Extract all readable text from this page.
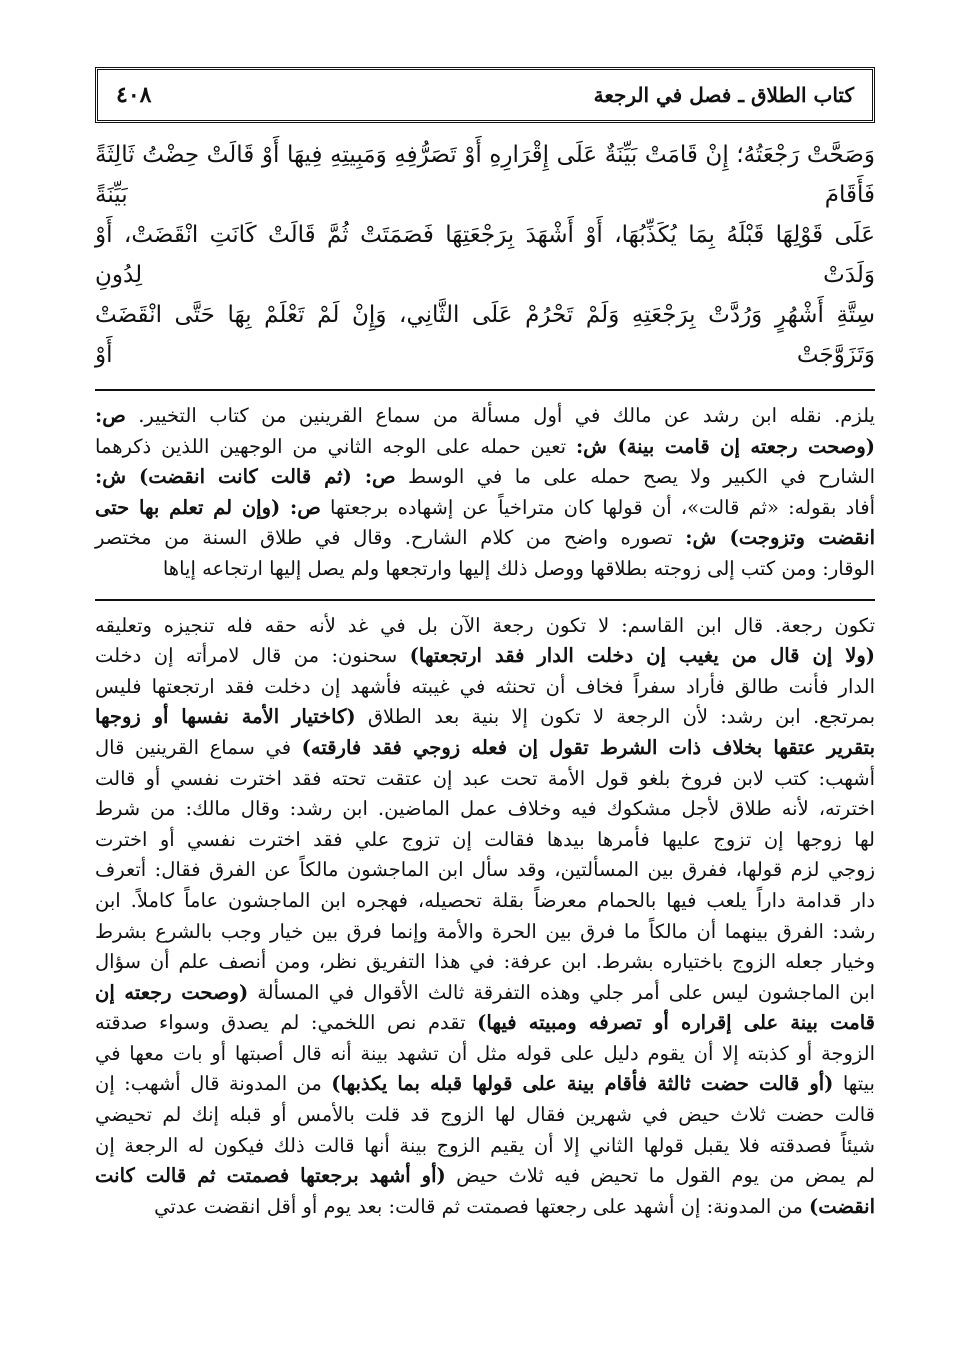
كتاب الطلاق ـ فصل في الرجعة
٤٠٨

وَصَحَّتْ رَجْعَتُهُ؛ إِنْ قَامَتْ بَيِّنَةٌ عَلَى إِقْرَارِهِ أَوْ تَصَرُّفِهِ وَمَبِيتِهِ فِيهَا أَوْ قَالَتْ حِضْتُ ثَالِثَةً فَأَقَامَ بَيِّنَةً

عَلَى قَوْلِهَا قَبْلَهُ بِمَا يُكَذِّبُهَا، أَوْ أَشْهَدَ بِرَجْعَتِهَا فَصَمَتَتْ ثُمَّ قَالَتْ كَانَتِ انْقَضَتْ، أَوْ وَلَدَتْ لِدُونِ

سِتَّةِ أَشْهُرٍ وَرُدَّتْ بِرَجْعَتِهِ وَلَمْ تَحْرُمْ عَلَى الثَّانِي، وَإِنْ لَمْ تَعْلَمْ بِهَا حَتَّى انْقَضَتْ وَتَزَوَّجَتْ أَوْ

يلزم. نقله ابن رشد عن مالك في أول مسألة من سماع القرينين من كتاب التخيير. ص:

(وصحت رجعته إن قامت بينة) ش: تعين حمله على الوجه الثاني من الوجهين اللذين ذكرهما

الشارح في الكبير ولا يصح حمله على ما في الوسط ص: (ثم قالت كانت انقضت) ش:

أفاد بقوله: «ثم قالت»، أن قولها كان متراخياً عن إشهاده برجعتها ص: (وإن لم تعلم بها حتى

انقضت وتزوجت) ش: تصوره واضح من كلام الشارح. وقال في طلاق السنة من مختصر

الوقار: ومن كتب إلى زوجته بطلاقها ووصل ذلك إليها وارتجعها ولم يصل إليها ارتجاعه إياها

تكون رجعة. قال ابن القاسم: لا تكون رجعة الآن بل في غد لأنه حقه فله تنجيزه وتعليقه

(ولا إن قال من يغيب إن دخلت الدار فقد ارتجعتها) سحنون: من قال لامرأته إن دخلت

الدار فأنت طالق فأراد سفراً فخاف أن تحنثه في غيبته فأشهد إن دخلت فقد ارتجعتها فليس

بمرتجع. ابن رشد: لأن الرجعة لا تكون إلا بنية بعد الطلاق (كاختيار الأمة نفسها أو زوجها

بتقرير عتقها بخلاف ذات الشرط تقول إن فعله زوجي فقد فارقته) في سماع القرينين قال

أشهب: كتب لابن فروخ بلغو قول الأمة تحت عبد إن عتقت تحته فقد اخترت نفسي أو قالت

اخترته، لأنه طلاق لأجل مشكوك فيه وخلاف عمل الماضين. ابن رشد: وقال مالك: من شرط

لها زوجها إن تزوج عليها فأمرها بيدها فقالت إن تزوج علي فقد اخترت نفسي أو اخترت

زوجي لزم قولها، ففرق بين المسألتين، وقد سأل ابن الماجشون مالكاً عن الفرق فقال: أتعرف

دار قدامة داراً يلعب فيها بالحمام معرضاً بقلة تحصيله، فهجره ابن الماجشون عاماً كاملاً. ابن

رشد: الفرق بينهما أن مالكاً ما فرق بين الحرة والأمة وإنما فرق بين خيار وجب بالشرع بشرط

وخيار جعله الزوج باختياره بشرط. ابن عرفة: في هذا التفريق نظر، ومن أنصف علم أن سؤال

ابن الماجشون ليس على أمر جلي وهذه التفرقة ثالث الأقوال في المسألة (وصحت رجعته إن

قامت بينة على إقراره أو تصرفه ومبيته فيها) تقدم نص اللخمي: لم يصدق وسواء صدقته

الزوجة أو كذبته إلا أن يقوم دليل على قوله مثل أن تشهد بينة أنه قال أصبتها أو بات معها في

بيتها (أو قالت حضت ثالثة فأقام بينة على قولها قبله بما يكذبها) من المدونة قال أشهب: إن

قالت حضت ثلاث حيض في شهرين فقال لها الزوج قد قلت بالأمس أو قبله إنك لم تحيضي

شيئاً فصدقته فلا يقبل قولها الثاني إلا أن يقيم الزوج بينة أنها قالت ذلك فيكون له الرجعة إن

لم يمض من يوم القول ما تحيض فيه ثلاث حيض (أو أشهد برجعتها فصمتت ثم قالت كانت

انقضت) من المدونة: إن أشهد على رجعتها فصمتت ثم قالت: بعد يوم أو أقل انقضت عدتي
